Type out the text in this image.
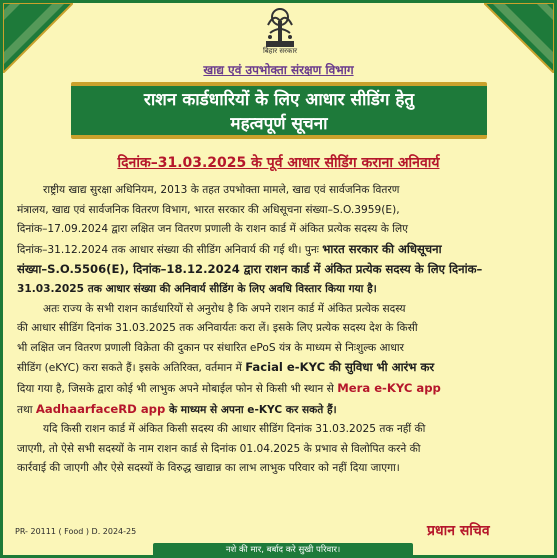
बिहार सरकार
खाद्य एवं उपभोक्ता संरक्षण विभाग
राशन कार्डधारियों के लिए आधार सीडिंग हेतु
महत्वपूर्ण सूचना
दिनांक–31.03.2025 के पूर्व आधार सीडिंग कराना अनिवार्य

राष्ट्रीय खाद्य सुरक्षा अधिनियम, 2013 के तहत उपभोक्ता मामले, खाद्य एवं सार्वजनिक वितरण
मंत्रालय, खाद्य एवं सार्वजनिक वितरण विभाग, भारत सरकार की अधिसूचना संख्या–S.O.3959(E),
दिनांक–17.09.2024 द्वारा लक्षित जन वितरण प्रणाली के राशन कार्ड में अंकित प्रत्येक सदस्य के लिए
दिनांक–31.12.2024 तक आधार संख्या की सीडिंग अनिवार्य की गई थी। पुनः भारत सरकार की अधिसूचना
संख्या–S.O.5506(E), दिनांक–18.12.2024 द्वारा राशन कार्ड में अंकित प्रत्येक सदस्य के लिए दिनांक–
31.03.2025 तक आधार संख्या की अनिवार्य सीडिंग के लिए अवधि विस्तार किया गया है।

अतः राज्य के सभी राशन कार्डधारियों से अनुरोध है कि अपने राशन कार्ड में अंकित प्रत्येक सदस्य
की आधार सीडिंग दिनांक 31.03.2025 तक अनिवार्यतः करा लें। इसके लिए प्रत्येक सदस्य देश के किसी
भी लक्षित जन वितरण प्रणाली विक्रेता की दुकान पर संधारित ePoS यंत्र के माध्यम से निःशुल्क आधार
सीडिंग (eKYC) करा सकते हैं। इसके अतिरिक्त, वर्तमान में Facial e-KYC की सुविधा भी आरंभ कर
दिया गया है, जिसके द्वारा कोई भी लाभुक अपने मोबाईल फोन से किसी भी स्थान से Mera e-KYC app
तथा AadhaarfaceRD app के माध्यम से अपना e-KYC कर सकते हैं।

यदि किसी राशन कार्ड में अंकित किसी सदस्य की आधार सीडिंग दिनांक 31.03.2025 तक नहीं की
जाएगी, तो ऐसे सभी सदस्यों के नाम राशन कार्ड से दिनांक 01.04.2025 के प्रभाव से विलोपित करने की
कार्रवाई की जाएगी और ऐसे सदस्यों के विरुद्ध खाद्यान्न का लाभ लाभुक परिवार को नहीं दिया जाएगा।

PR- 20111 ( Food ) D. 2024-25	प्रधान सचिव
नशे की मार, बर्बाद करे सुखी परिवार।
